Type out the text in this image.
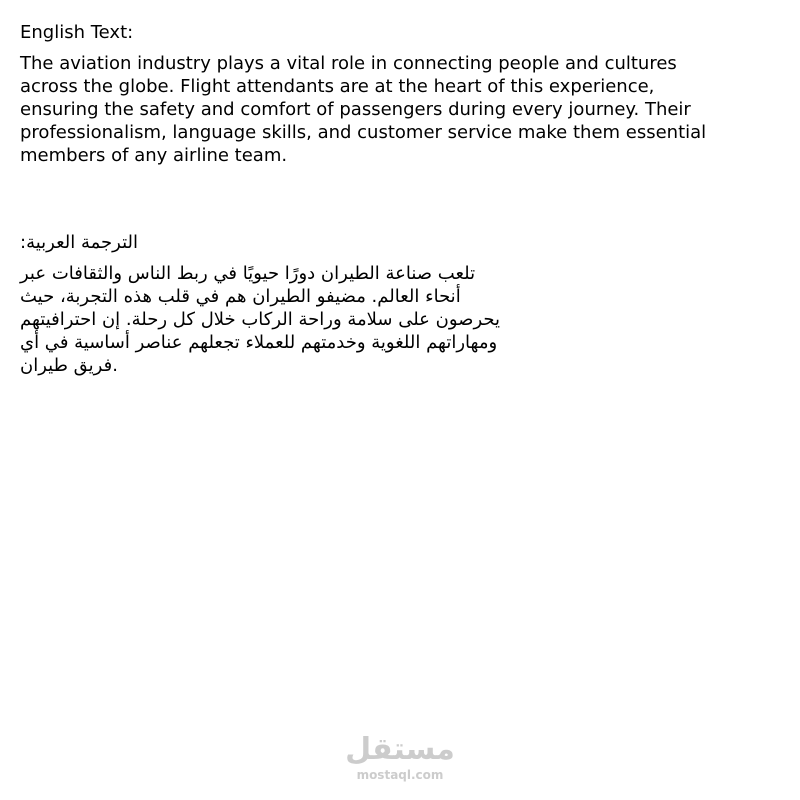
English Text:
The aviation industry plays a vital role in connecting people and cultures
across the globe. Flight attendants are at the heart of this experience,
ensuring the safety and comfort of passengers during every journey. Their
professionalism, language skills, and customer service make them essential
members of any airline team.
:الترجمة العربية
تلعب صناعة الطيران دورًا حيويًا في ربط الناس والثقافات عبر
أنحاء العالم. مضيفو الطيران هم في قلب هذه التجربة، حيث
يحرصون على سلامة وراحة الركاب خلال كل رحلة. إن احترافيتهم
ومهاراتهم اللغوية وخدمتهم للعملاء تجعلهم عناصر أساسية في أي
فريق طيران.
مستقل
mostaql.com
